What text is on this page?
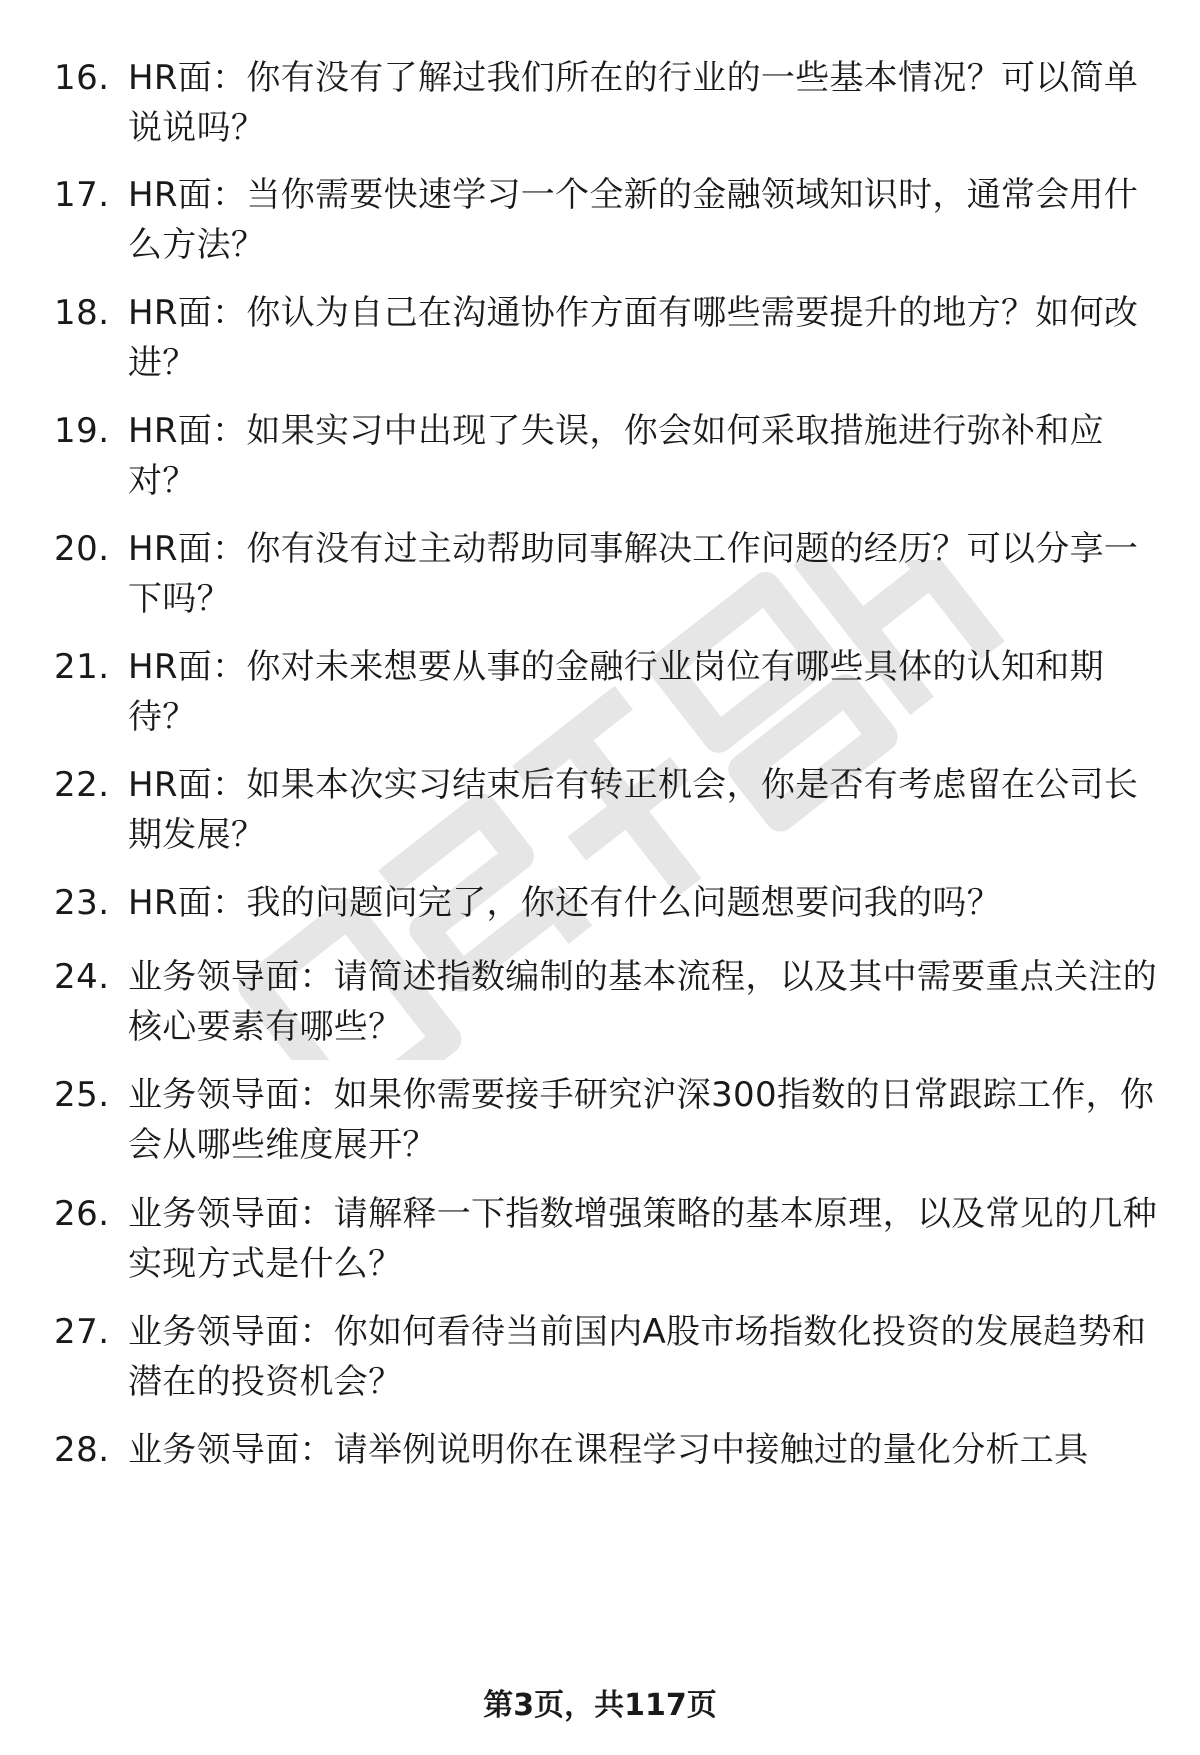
16. HR面：你有没有了解过我们所在的行业的一些基本情况？可以简单说说吗？
17. HR面：当你需要快速学习一个全新的金融领域知识时，通常会用什么方法？
18. HR面：你认为自己在沟通协作方面有哪些需要提升的地方？如何改进？
19. HR面：如果实习中出现了失误，你会如何采取措施进行弥补和应对？
20. HR面：你有没有过主动帮助同事解决工作问题的经历？可以分享一下吗？
21. HR面：你对未来想要从事的金融行业岗位有哪些具体的认知和期待？
22. HR面：如果本次实习结束后有转正机会，你是否有考虑留在公司长期发展？
23. HR面：我的问题问完了，你还有什么问题想要问我的吗？
24. 业务领导面：请简述指数编制的基本流程，以及其中需要重点关注的核心要素有哪些？
25. 业务领导面：如果你需要接手研究沪深300指数的日常跟踪工作，你会从哪些维度展开？
26. 业务领导面：请解释一下指数增强策略的基本原理，以及常见的几种实现方式是什么？
27. 业务领导面：你如何看待当前国内A股市场指数化投资的发展趋势和潜在的投资机会？
28. 业务领导面：请举例说明你在课程学习中接触过的量化分析工具
第3页，共117页
